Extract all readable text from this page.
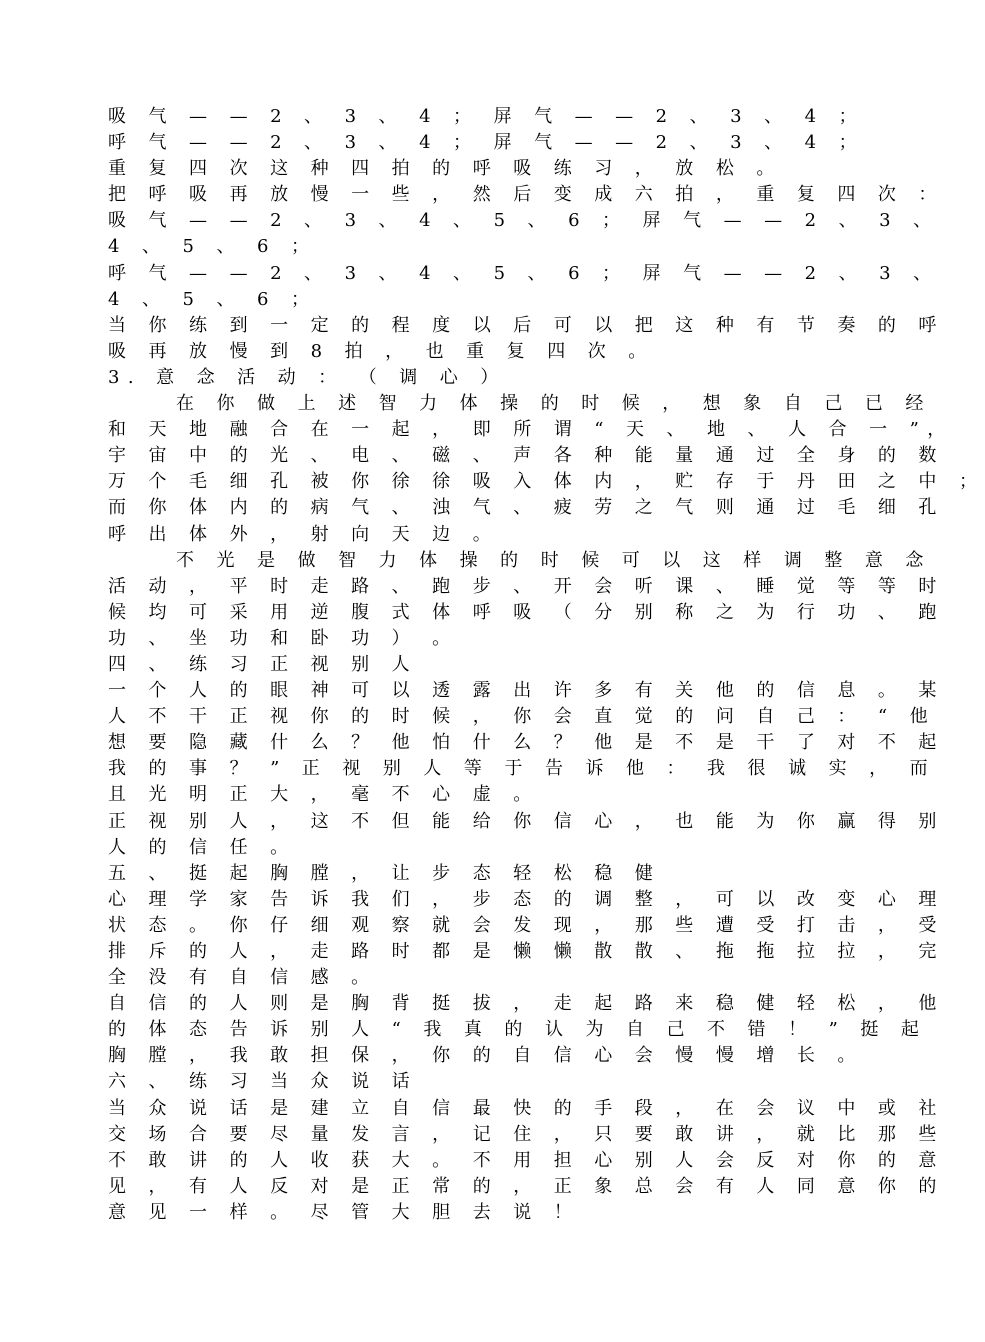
吸 气 — — 2 、 3 、 4 ； 屏 气 — — 2 、 3 、 4 ；
呼 气 — — 2 、 3 、 4 ； 屏 气 — — 2 、 3 、 4 ；
重 复 四 次 这 种 四 拍 的 呼 吸 练 习 ， 放 松 。
把 呼 吸 再 放 慢 一 些 ， 然 后 变 成 六 拍 ， 重 复 四 次 ：
吸 气 — — 2 、 3 、 4 、 5 、 6 ； 屏 气 — — 2 、 3 、
4 、 5 、 6 ；
呼 气 — — 2 、 3 、 4 、 5 、 6 ； 屏 气 — — 2 、 3 、
4 、 5 、 6 ；
当 你 练 到 一 定 的 程 度 以 后 可 以 把 这 种 有 节 奏 的 呼
吸 再 放 慢 到 8 拍 ， 也 重 复 四 次 。
3. 意 念 活 动 ： （ 调 心 ）
在 你 做 上 述 智 力 体 操 的 时 候 ， 想 象 自 己 已 经
和 天 地 融 合 在 一 起 ， 即 所 谓 “ 天 、 地 、 人 合 一 ”，
宇 宙 中 的 光 、 电 、 磁 、 声 各 种 能 量 通 过 全 身 的 数
万 个 毛 细 孔 被 你 徐 徐 吸 入 体 内 ， 贮 存 于 丹 田 之 中 ；
而 你 体 内 的 病 气 、 浊 气 、 疲 劳 之 气 则 通 过 毛 细 孔
呼 出 体 外 ， 射 向 天 边 。
不 光 是 做 智 力 体 操 的 时 候 可 以 这 样 调 整 意 念
活 动 ， 平 时 走 路 、 跑 步 、 开 会 听 课 、 睡 觉 等 等 时
候 均 可 采 用 逆 腹 式 体 呼 吸 （ 分 别 称 之 为 行 功 、 跑
功 、 坐 功 和 卧 功 ） 。
四 、 练 习 正 视 别 人
一 个 人 的 眼 神 可 以 透 露 出 许 多 有 关 他 的 信 息 。 某
人 不 干 正 视 你 的 时 候 ， 你 会 直 觉 的 问 自 己 ： “ 他
想 要 隐 藏 什 么 ？ 他 怕 什 么 ？ 他 是 不 是 干 了 对 不 起
我 的 事 ？ ” 正 视 别 人 等 于 告 诉 他 ： 我 很 诚 实 ， 而
且 光 明 正 大 ， 毫 不 心 虚 。
正 视 别 人 ， 这 不 但 能 给 你 信 心 ， 也 能 为 你 赢 得 别
人 的 信 任 。
五 、 挺 起 胸 膛 ， 让 步 态 轻 松 稳 健
心 理 学 家 告 诉 我 们 ， 步 态 的 调 整 ， 可 以 改 变 心 理
状 态 。 你 仔 细 观 察 就 会 发 现 ， 那 些 遭 受 打 击 ， 受
排 斥 的 人 ， 走 路 时 都 是 懒 懒 散 散 、 拖 拖 拉 拉 ， 完
全 没 有 自 信 感 。
自 信 的 人 则 是 胸 背 挺 拔 ， 走 起 路 来 稳 健 轻 松 ， 他
的 体 态 告 诉 别 人 “ 我 真 的 认 为 自 己 不 错 ！ ” 挺 起
胸 膛 ， 我 敢 担 保 ， 你 的 自 信 心 会 慢 慢 增 长 。
六 、 练 习 当 众 说 话
当 众 说 话 是 建 立 自 信 最 快 的 手 段 ， 在 会 议 中 或 社
交 场 合 要 尽 量 发 言 ， 记 住 ， 只 要 敢 讲 ， 就 比 那 些
不 敢 讲 的 人 收 获 大 。 不 用 担 心 别 人 会 反 对 你 的 意
见 ， 有 人 反 对 是 正 常 的 ， 正 象 总 会 有 人 同 意 你 的
意 见 一 样 。 尽 管 大 胆 去 说 ！
